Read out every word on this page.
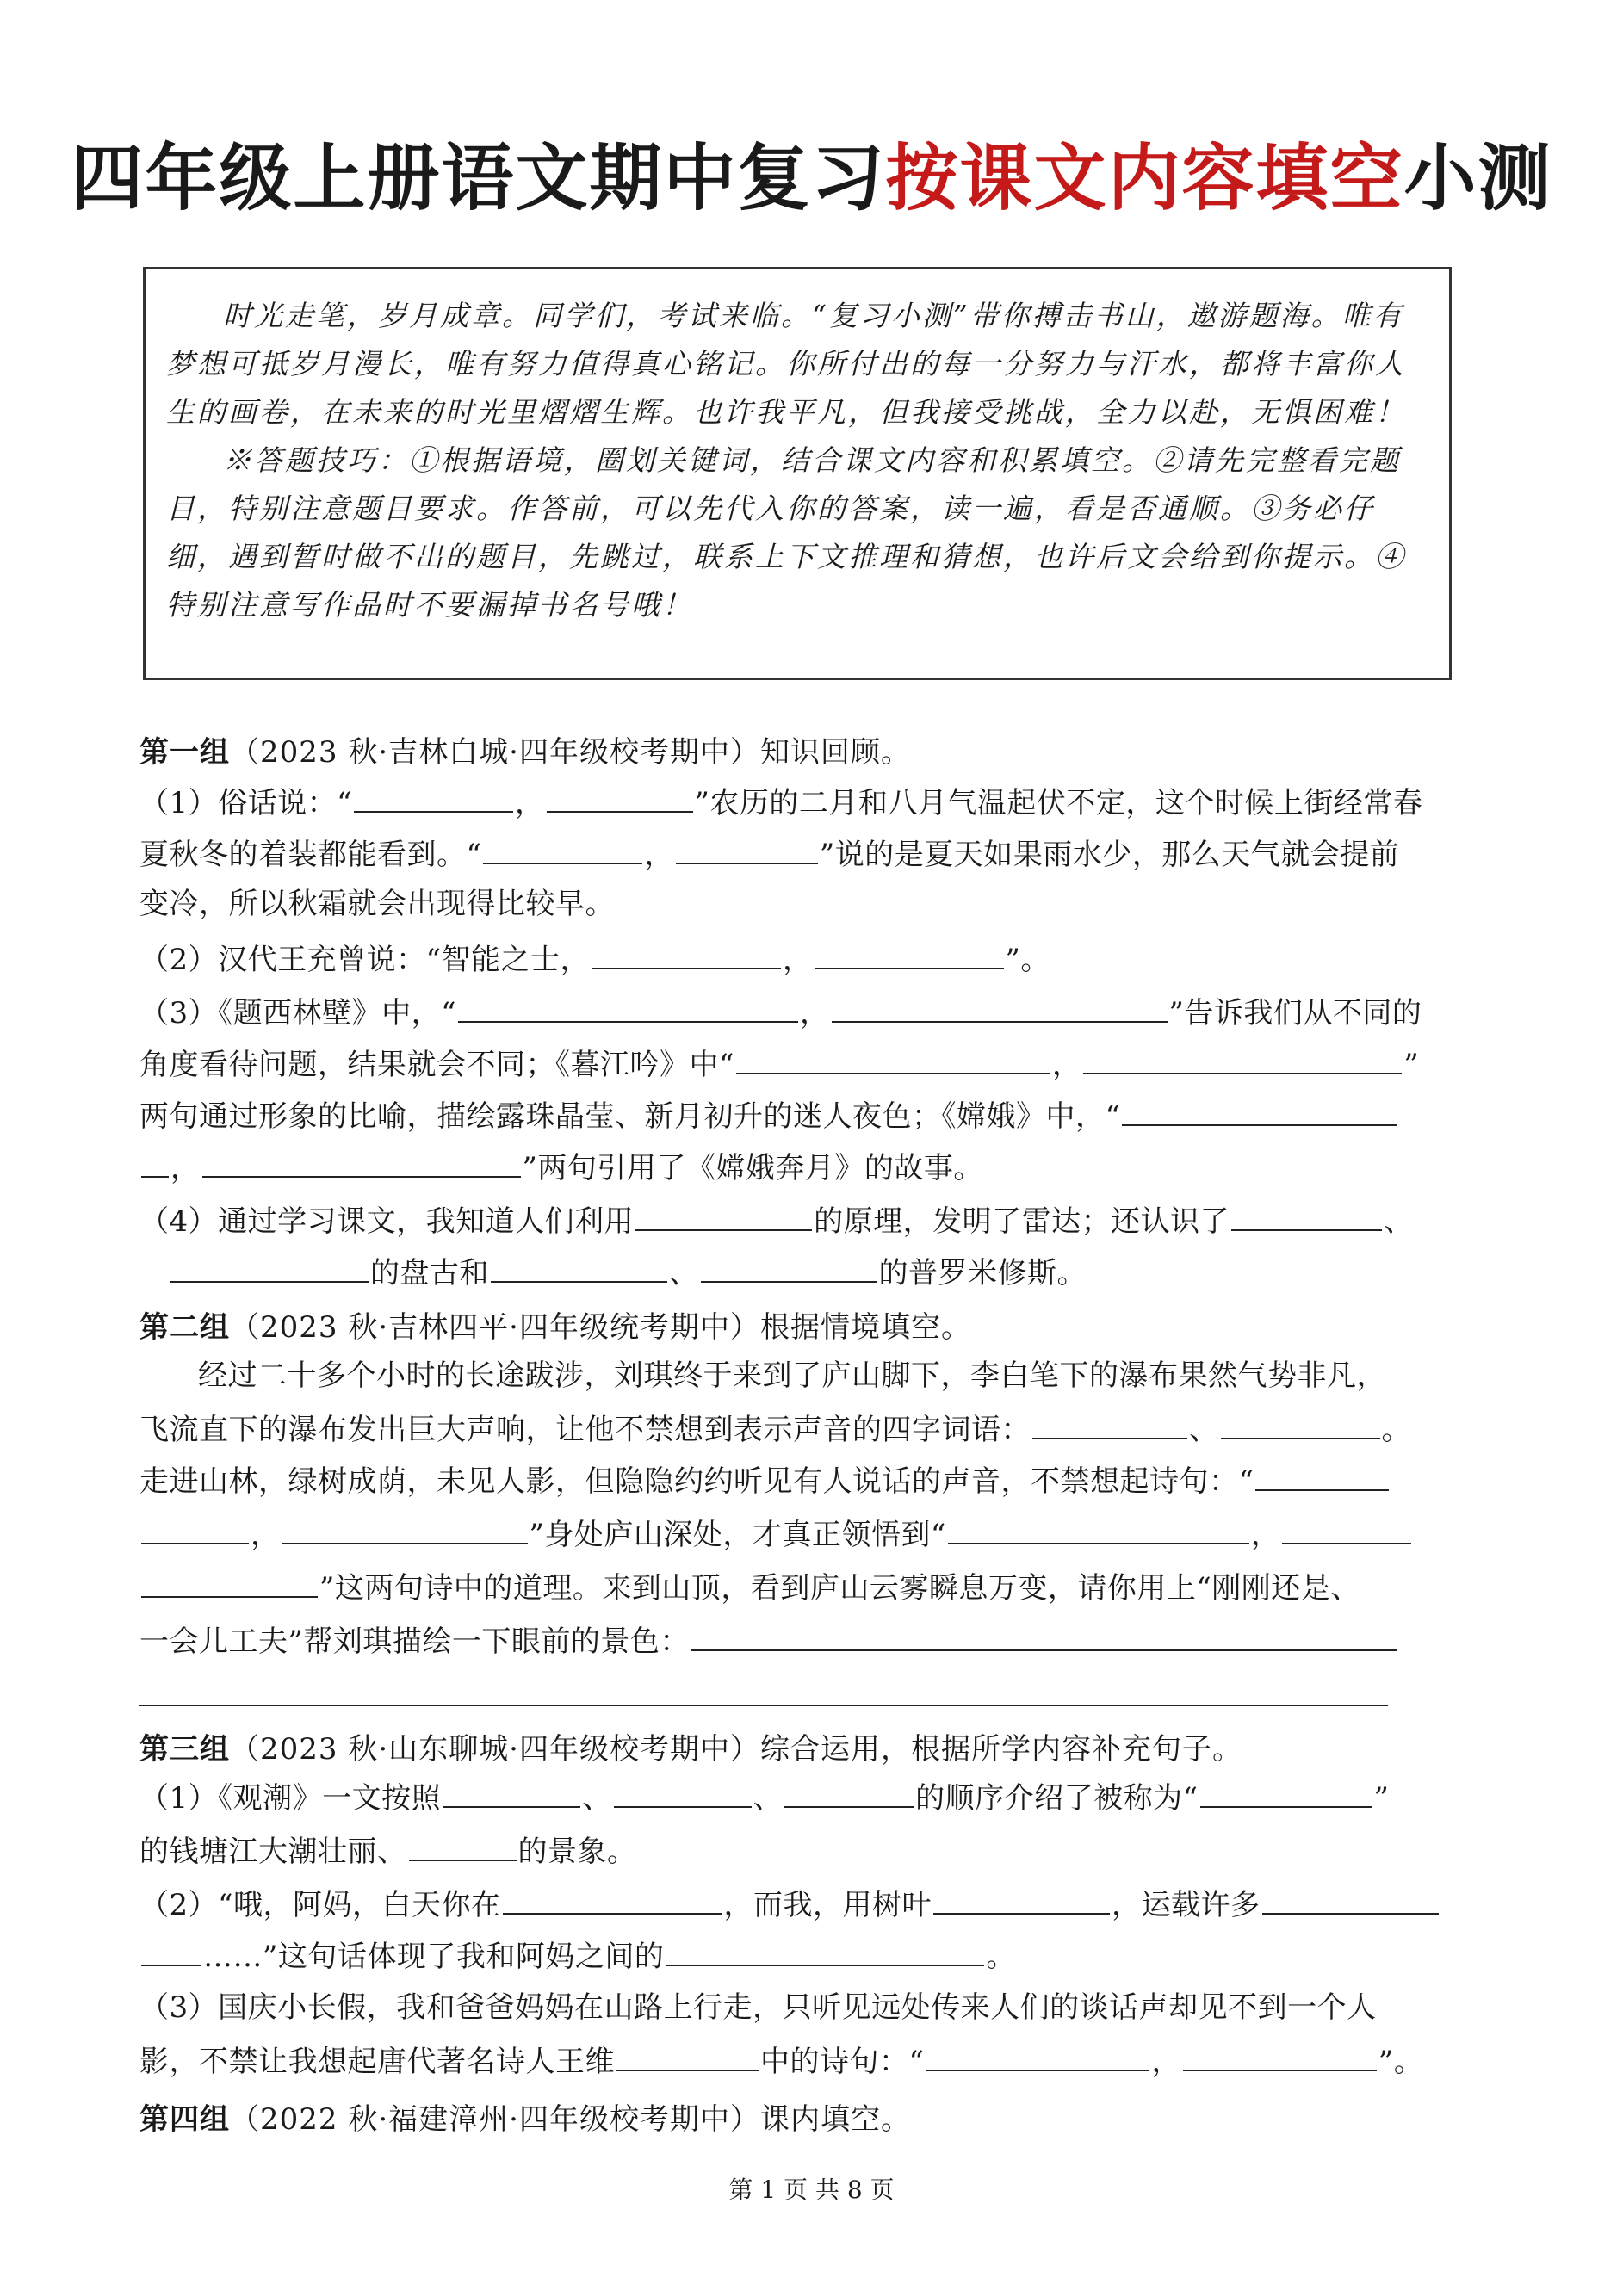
四年级上册语文期中复习按课文内容填空小测

时光走笔，岁月成章。同学们，考试来临。“复习小测”带你搏击书山，遨游题海。唯有梦想可抵岁月漫长，唯有努力值得真心铭记。你所付出的每一分努力与汗水，都将丰富你人生的画卷，在未来的时光里熠熠生辉。也许我平凡，但我接受挑战，全力以赴，无惧困难！

※答题技巧：①根据语境，圈划关键词，结合课文内容和积累填空。②请先完整看完题目，特别注意题目要求。作答前，可以先代入你的答案，读一遍，看是否通顺。③务必仔细，遇到暂时做不出的题目，先跳过，联系上下文推理和猜想，也许后文会给到你提示。④特别注意写作品时不要漏掉书名号哦！

第一组（2023 秋·吉林白城·四年级校考期中）知识回顾。

（1）俗话说：“	，	”农历的二月和八月气温起伏不定，这个时候上街经常春

夏秋冬的着装都能看到。“	，	”说的是夏天如果雨水少，那么天气就会提前

变冷，所以秋霜就会出现得比较早。

（2）汉代王充曾说：“智能之士，	，	”。

（3）《题西林壁》中，“	，	”告诉我们从不同的

角度看待问题，结果就会不同；《暮江吟》中“	，	”

两句通过形象的比喻，描绘露珠晶莹、新月初升的迷人夜色；《嫦娥》中，“

，	”两句引用了《嫦娥奔月》的故事。

（4）通过学习课文，我知道人们利用	的原理，发明了雷达；还认识了	、

的盘古和	、	的普罗米修斯。

第二组（2023 秋·吉林四平·四年级统考期中）根据情境填空。

经过二十多个小时的长途跋涉，刘琪终于来到了庐山脚下，李白笔下的瀑布果然气势非凡，

飞流直下的瀑布发出巨大声响，让他不禁想到表示声音的四字词语：	、	。

走进山林，绿树成荫，未见人影，但隐隐约约听见有人说话的声音，不禁想起诗句：“

，	”身处庐山深处，才真正领悟到“	，

”这两句诗中的道理。来到山顶，看到庐山云雾瞬息万变，请你用上“刚刚还是、

一会儿工夫”帮刘琪描绘一下眼前的景色：

第三组（2023 秋·山东聊城·四年级校考期中）综合运用，根据所学内容补充句子。

（1）《观潮》一文按照	、	、	的顺序介绍了被称为“	”

的钱塘江大潮壮丽、	的景象。

（2）“哦，阿妈，白天你在	，而我，用树叶	，运载许多

……”这句话体现了我和阿妈之间的	。

（3）国庆小长假，我和爸爸妈妈在山路上行走，只听见远处传来人们的谈话声却见不到一个人

影，不禁让我想起唐代著名诗人王维	中的诗句：“	，	”。

第四组（2022 秋·福建漳州·四年级校考期中）课内填空。

第 1 页 共 8 页
